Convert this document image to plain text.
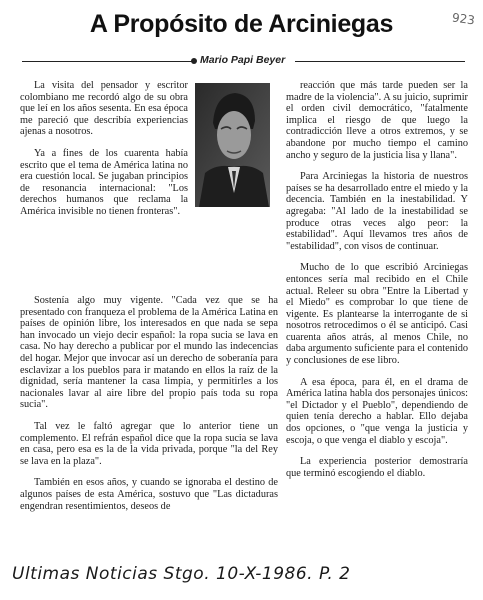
A Propósito de Arciniegas	923
Mario Papi Beyer

La visita del pensador y escritor colombiano me recordó algo de su obra que leí en los años sesenta. En esa época me pareció que describía experiencias ajenas a nosotros.

Ya a fines de los cuarenta había escrito que el tema de América latina no era cuestión local. Se jugaban principios de resonancia internacional: "Los derechos humanos que reclama la América invisible no tienen fronteras".

Sostenía algo muy vigente. "Cada vez que se ha presentado con franqueza el problema de la América Latina en países de opinión libre, los interesados en que nada se sepa han invocado un viejo decir español: la ropa sucia se lava en casa. No hay derecho a publicar por el mundo las indecencias del hogar. Mejor que invocar así un derecho de soberanía para esclavizar a los pueblos para ir matando en ellos la raíz de la dignidad, sería mantener la casa limpia, y permitirles a los nacionales lavar al aire libre del propio país toda su ropa sucia".

Tal vez le faltó agregar que lo anterior tiene un complemento. El refrán español dice que la ropa sucia se lava en casa, pero esa es la de la vida privada, porque "la del Rey se lava en la plaza".

También en esos años, y cuando se ignoraba el destino de algunos países de esta América, sostuvo que "Las dictaduras engendran resentimientos, deseos de

reacción que más tarde pueden ser la madre de la violencia". A su juicio, suprimir el orden civil democrático, "fatalmente implica el riesgo de que luego la contradicción lleve a otros extremos, y se abandone por mucho tiempo el camino ancho y seguro de la justicia lisa y llana".

Para Arciniegas la historia de nuestros países se ha desarrollado entre el miedo y la decencia. También en la inestabilidad. Y agregaba: "Al lado de la inestabilidad se produce otras veces algo peor: la estabilidad". Aquí llevamos tres años de "estabilidad", con visos de continuar.

Mucho de lo que escribió Arciniegas entonces sería mal recibido en el Chile actual. Releer su obra "Entre la Libertad y el Miedo" es comprobar lo que tiene de vigente. Es plantearse la interrogante de si nosotros retrocedimos o él se anticipó. Casi cuarenta años atrás, al menos Chile, no daba argumento suficiente para el contenido y conclusiones de ese libro.

A esa época, para él, en el drama de América latina habla dos personajes únicos: "el Dictador y el Pueblo", dependiendo de quien tenía derecho a hablar. Ello dejaba dos opciones, o "que venga la justicia y escoja, o que venga el diablo y escoja".

La experiencia posterior demostraría que terminó escogiendo el diablo.

Ultimas Noticias Stgo. 10-X-1986. P. 2
